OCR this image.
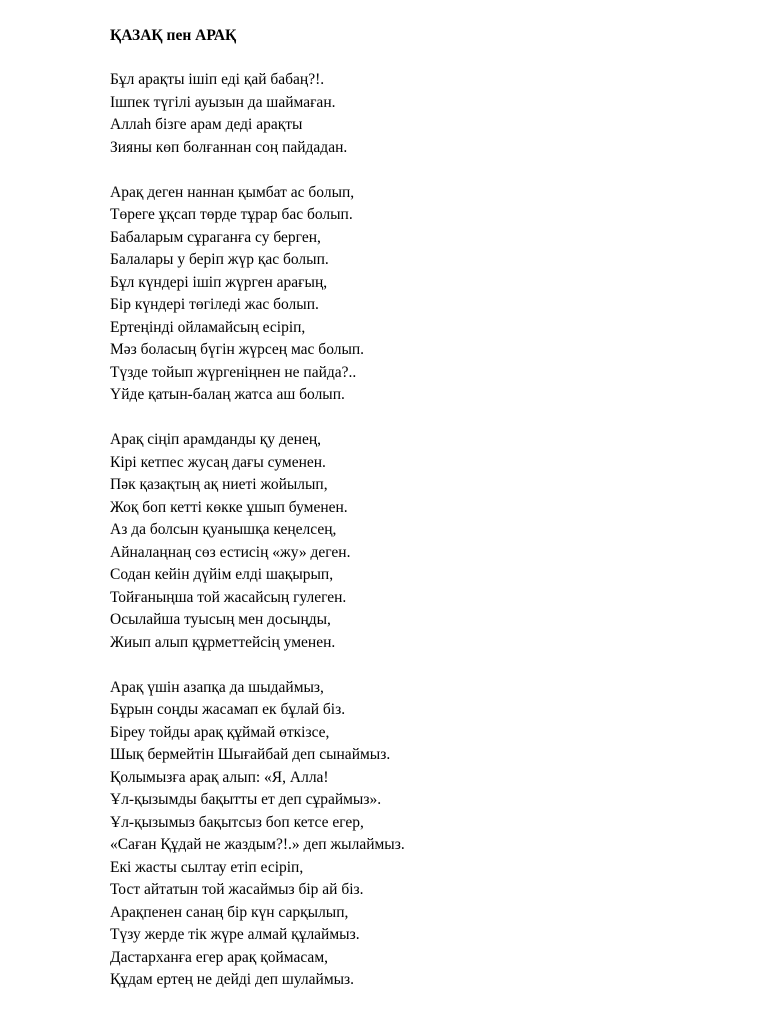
ҚАЗАҚ пен АРАҚ
Бұл арақты ішіп еді қай бабаң?!.
Ішпек түгілі ауызын да шаймаған.
Аллаһ бізге арам деді арақты
Зияны көп болғаннан соң пайдадан.
Арақ деген наннан қымбат ас болып,
Төреге ұқсап төрде тұрар бас болып.
Бабаларым сұраганға су берген,
Балалары у беріп жүр қас болып.
Бұл күндері ішіп жүрген арағың,
Бір күндері төгіледі жас болып.
Ертеңінді ойламайсың есіріп,
Мәз боласың бүгін жүрсең мас болып.
Түзде тойып жүргеніңнен не пайда?..
Үйде қатын-балаң жатса аш болып.
Арақ сіңіп арамданды қу денең,
Кірі кетпес жусаң дағы суменен.
Пәк қазақтың ақ ниеті жойылып,
Жоқ боп кетті көкке ұшып буменен.
Аз да болсын қуанышқа кеңелсең,
Айналаңнаң сөз естисің «жу» деген.
Содан кейін дүйім елді шақырып,
Тойғаныңша той жасайсың гулеген.
Осылайша туысың мен досыңды,
Жиып алып құрметтейсің уменен.
Арақ үшін азапқа да шыдаймыз,
Бұрын соңды жасамап ек бұлай біз.
Біреу тойды арақ құймай өткізсе,
Шық бермейтін Шығайбай деп сынаймыз.
Қолымызға арақ алып: «Я, Алла!
Ұл-қызымды бақытты ет деп сұраймыз».
Ұл-қызымыз бақытсыз боп кетсе егер,
«Саған Құдай не жаздым?!.» деп жылаймыз.
Екі жасты сылтау етіп есіріп,
Тост айтатын той жасаймыз бір ай біз.
Арақпенен санаң бір күн сарқылып,
Түзу жерде тік жүре алмай құлаймыз.
Дастарханға егер арақ қоймасам,
Құдам ертең не дейді деп шулаймыз.
